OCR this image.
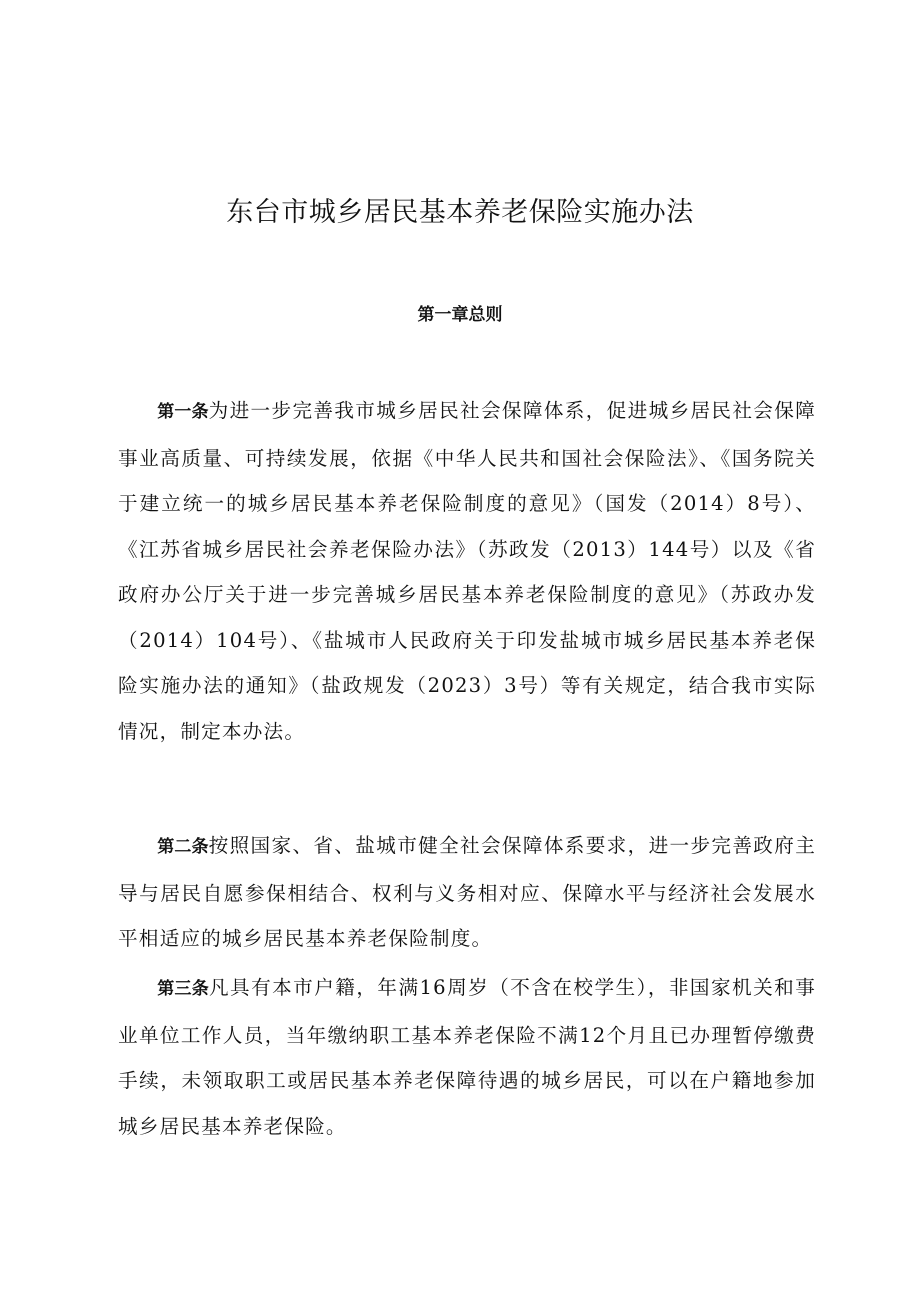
东台市城乡居民基本养老保险实施办法
第一章总则

第一条为进一步完善我市城乡居民社会保障体系，促进城乡居民社会保障事业高质量、可持续发展，依据《中华人民共和国社会保险法》、《国务院关于建立统一的城乡居民基本养老保险制度的意见》（国发（2014）8号）、《江苏省城乡居民社会养老保险办法》（苏政发（2013）144号）以及《省政府办公厅关于进一步完善城乡居民基本养老保险制度的意见》（苏政办发（2014）104号）、《盐城市人民政府关于印发盐城市城乡居民基本养老保险实施办法的通知》（盐政规发（2023）3号）等有关规定，结合我市实际情况，制定本办法。

第二条按照国家、省、盐城市健全社会保障体系要求，进一步完善政府主导与居民自愿参保相结合、权利与义务相对应、保障水平与经济社会发展水平相适应的城乡居民基本养老保险制度。

第三条凡具有本市户籍，年满16周岁（不含在校学生），非国家机关和事业单位工作人员，当年缴纳职工基本养老保险不满12个月且已办理暂停缴费手续，未领取职工或居民基本养老保障待遇的城乡居民，可以在户籍地参加城乡居民基本养老保险。
